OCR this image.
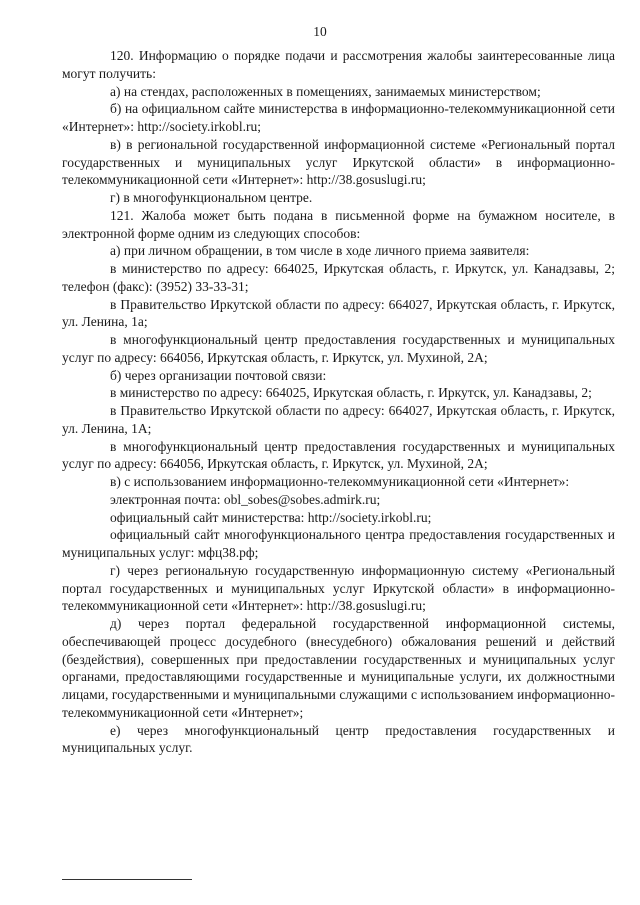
10

120. Информацию о порядке подачи и рассмотрения жалобы заинтересованные лица могут получить:

а) на стендах, расположенных в помещениях, занимаемых министерством;

б) на официальном сайте министерства в информационно-телекоммуникационной сети «Интернет»: http://society.irkobl.ru;

в) в региональной государственной информационной системе «Региональный портал государственных и муниципальных услуг Иркутской области» в информационно-телекоммуникационной сети «Интернет»: http://38.gosuslugi.ru;

г) в многофункциональном центре.

121. Жалоба может быть подана в письменной форме на бумажном носителе, в электронной форме одним из следующих способов:

а) при личном обращении, в том числе в ходе личного приема заявителя:

в министерство по адресу: 664025, Иркутская область, г. Иркутск, ул. Канадзавы, 2; телефон (факс): (3952) 33-33-31;

в Правительство Иркутской области по адресу: 664027, Иркутская область, г. Иркутск, ул. Ленина, 1а;

в многофункциональный центр предоставления государственных и муниципальных услуг по адресу: 664056, Иркутская область, г. Иркутск, ул. Мухиной, 2А;

б) через организации почтовой связи:

в министерство по адресу: 664025, Иркутская область, г. Иркутск, ул. Канадзавы, 2;

в Правительство Иркутской области по адресу: 664027, Иркутская область, г. Иркутск, ул. Ленина, 1А;

в многофункциональный центр предоставления государственных и муниципальных услуг по адресу: 664056, Иркутская область, г. Иркутск, ул. Мухиной, 2А;

в) с использованием информационно-телекоммуникационной сети «Интернет»:

электронная почта: obl_sobes@sobes.admirk.ru;

официальный сайт министерства: http://society.irkobl.ru;

официальный сайт многофункционального центра предоставления государственных и муниципальных услуг: мфц38.рф;

г) через региональную государственную информационную систему «Региональный портал государственных и муниципальных услуг Иркутской области» в информационно-телекоммуникационной сети «Интернет»: http://38.gosuslugi.ru;

д) через портал федеральной государственной информационной системы, обеспечивающей процесс досудебного (внесудебного) обжалования решений и действий (бездействия), совершенных при предоставлении государственных и муниципальных услуг органами, предоставляющими государственные и муниципальные услуги, их должностными лицами, государственными и муниципальными служащими с использованием информационно-телекоммуникационной сети «Интернет»;

е) через многофункциональный центр предоставления государственных и муниципальных услуг.
